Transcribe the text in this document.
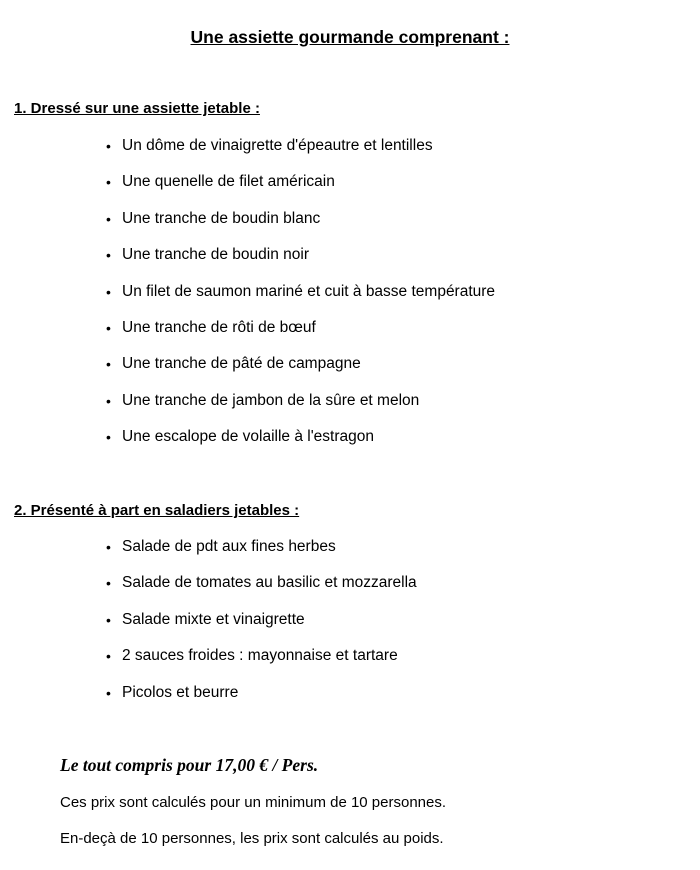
Une assiette gourmande comprenant :
1. Dressé sur une assiette jetable :
• Un dôme de vinaigrette d'épeautre et lentilles
• Une quenelle de filet américain
• Une tranche de boudin blanc
• Une tranche de boudin noir
• Un filet de saumon mariné et cuit à basse température
• Une tranche de rôti de bœuf
• Une tranche de pâté de campagne
• Une tranche de jambon de la sûre et melon
• Une escalope de volaille à l'estragon
2. Présenté à part en saladiers jetables :
• Salade de pdt aux fines herbes
• Salade de tomates au basilic et mozzarella
• Salade mixte et vinaigrette
• 2 sauces froides : mayonnaise et tartare
• Picolos et beurre
Le tout compris pour 17,00 € / Pers.
Ces prix sont calculés pour un minimum de 10 personnes.
En-deçà de 10 personnes, les prix sont calculés au poids.
